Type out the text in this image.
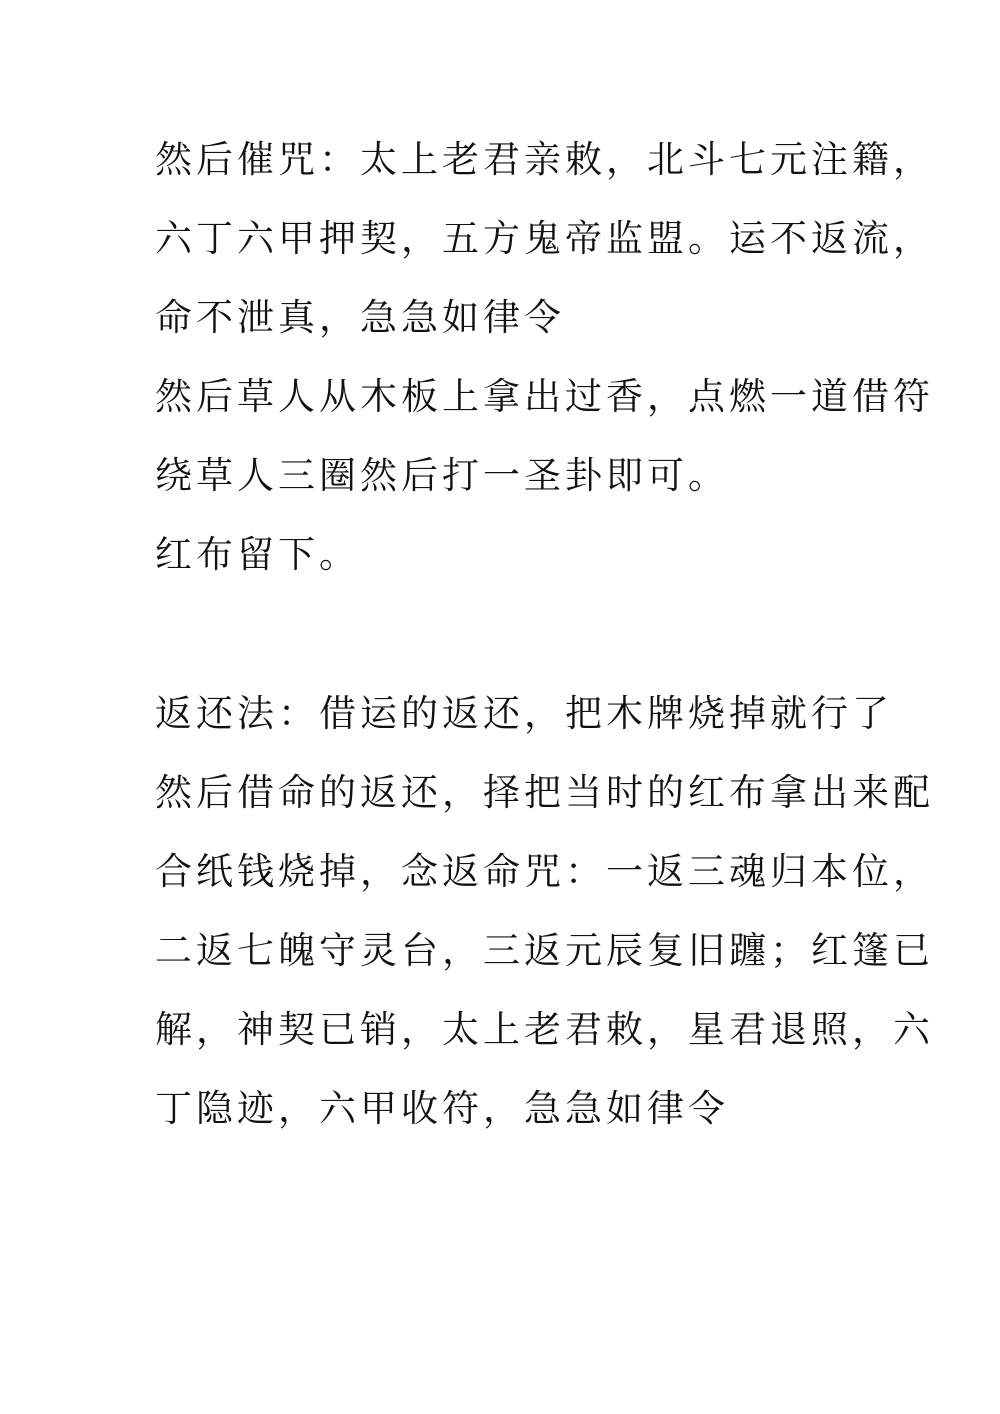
然后催咒：太上老君亲敕，北斗七元注籍，
六丁六甲押契，五方鬼帝监盟。运不返流，
命不泄真，急急如律令
然后草人从木板上拿出过香，点燃一道借符
绕草人三圈然后打一圣卦即可。
红布留下。
返还法：借运的返还，把木牌烧掉就行了
然后借命的返还，择把当时的红布拿出来配
合纸钱烧掉，念返命咒：一返三魂归本位，
二返七魄守灵台，三返元辰复旧躔；红篷已
解，神契已销，太上老君敕，星君退照，六
丁隐迹，六甲收符，急急如律令
